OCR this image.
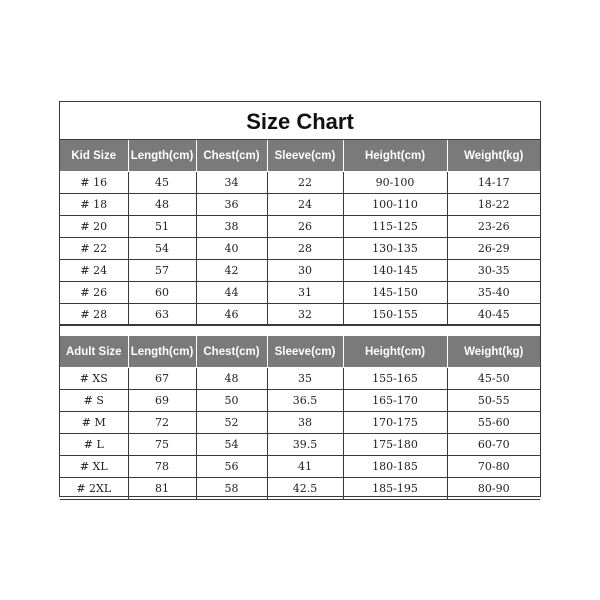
Size Chart
Kid Size	Length(cm)	Chest(cm)	Sleeve(cm)	Height(cm)	Weight(kg)
# 16	45	34	22	90-100	14-17
# 18	48	36	24	100-110	18-22
# 20	51	38	26	115-125	23-26
# 22	54	40	28	130-135	26-29
# 24	57	42	30	140-145	30-35
# 26	60	44	31	145-150	35-40
# 28	63	46	32	150-155	40-45
Adult Size	Length(cm)	Chest(cm)	Sleeve(cm)	Height(cm)	Weight(kg)
# XS	67	48	35	155-165	45-50
# S	69	50	36.5	165-170	50-55
# M	72	52	38	170-175	55-60
# L	75	54	39.5	175-180	60-70
# XL	78	56	41	180-185	70-80
# 2XL	81	58	42.5	185-195	80-90
